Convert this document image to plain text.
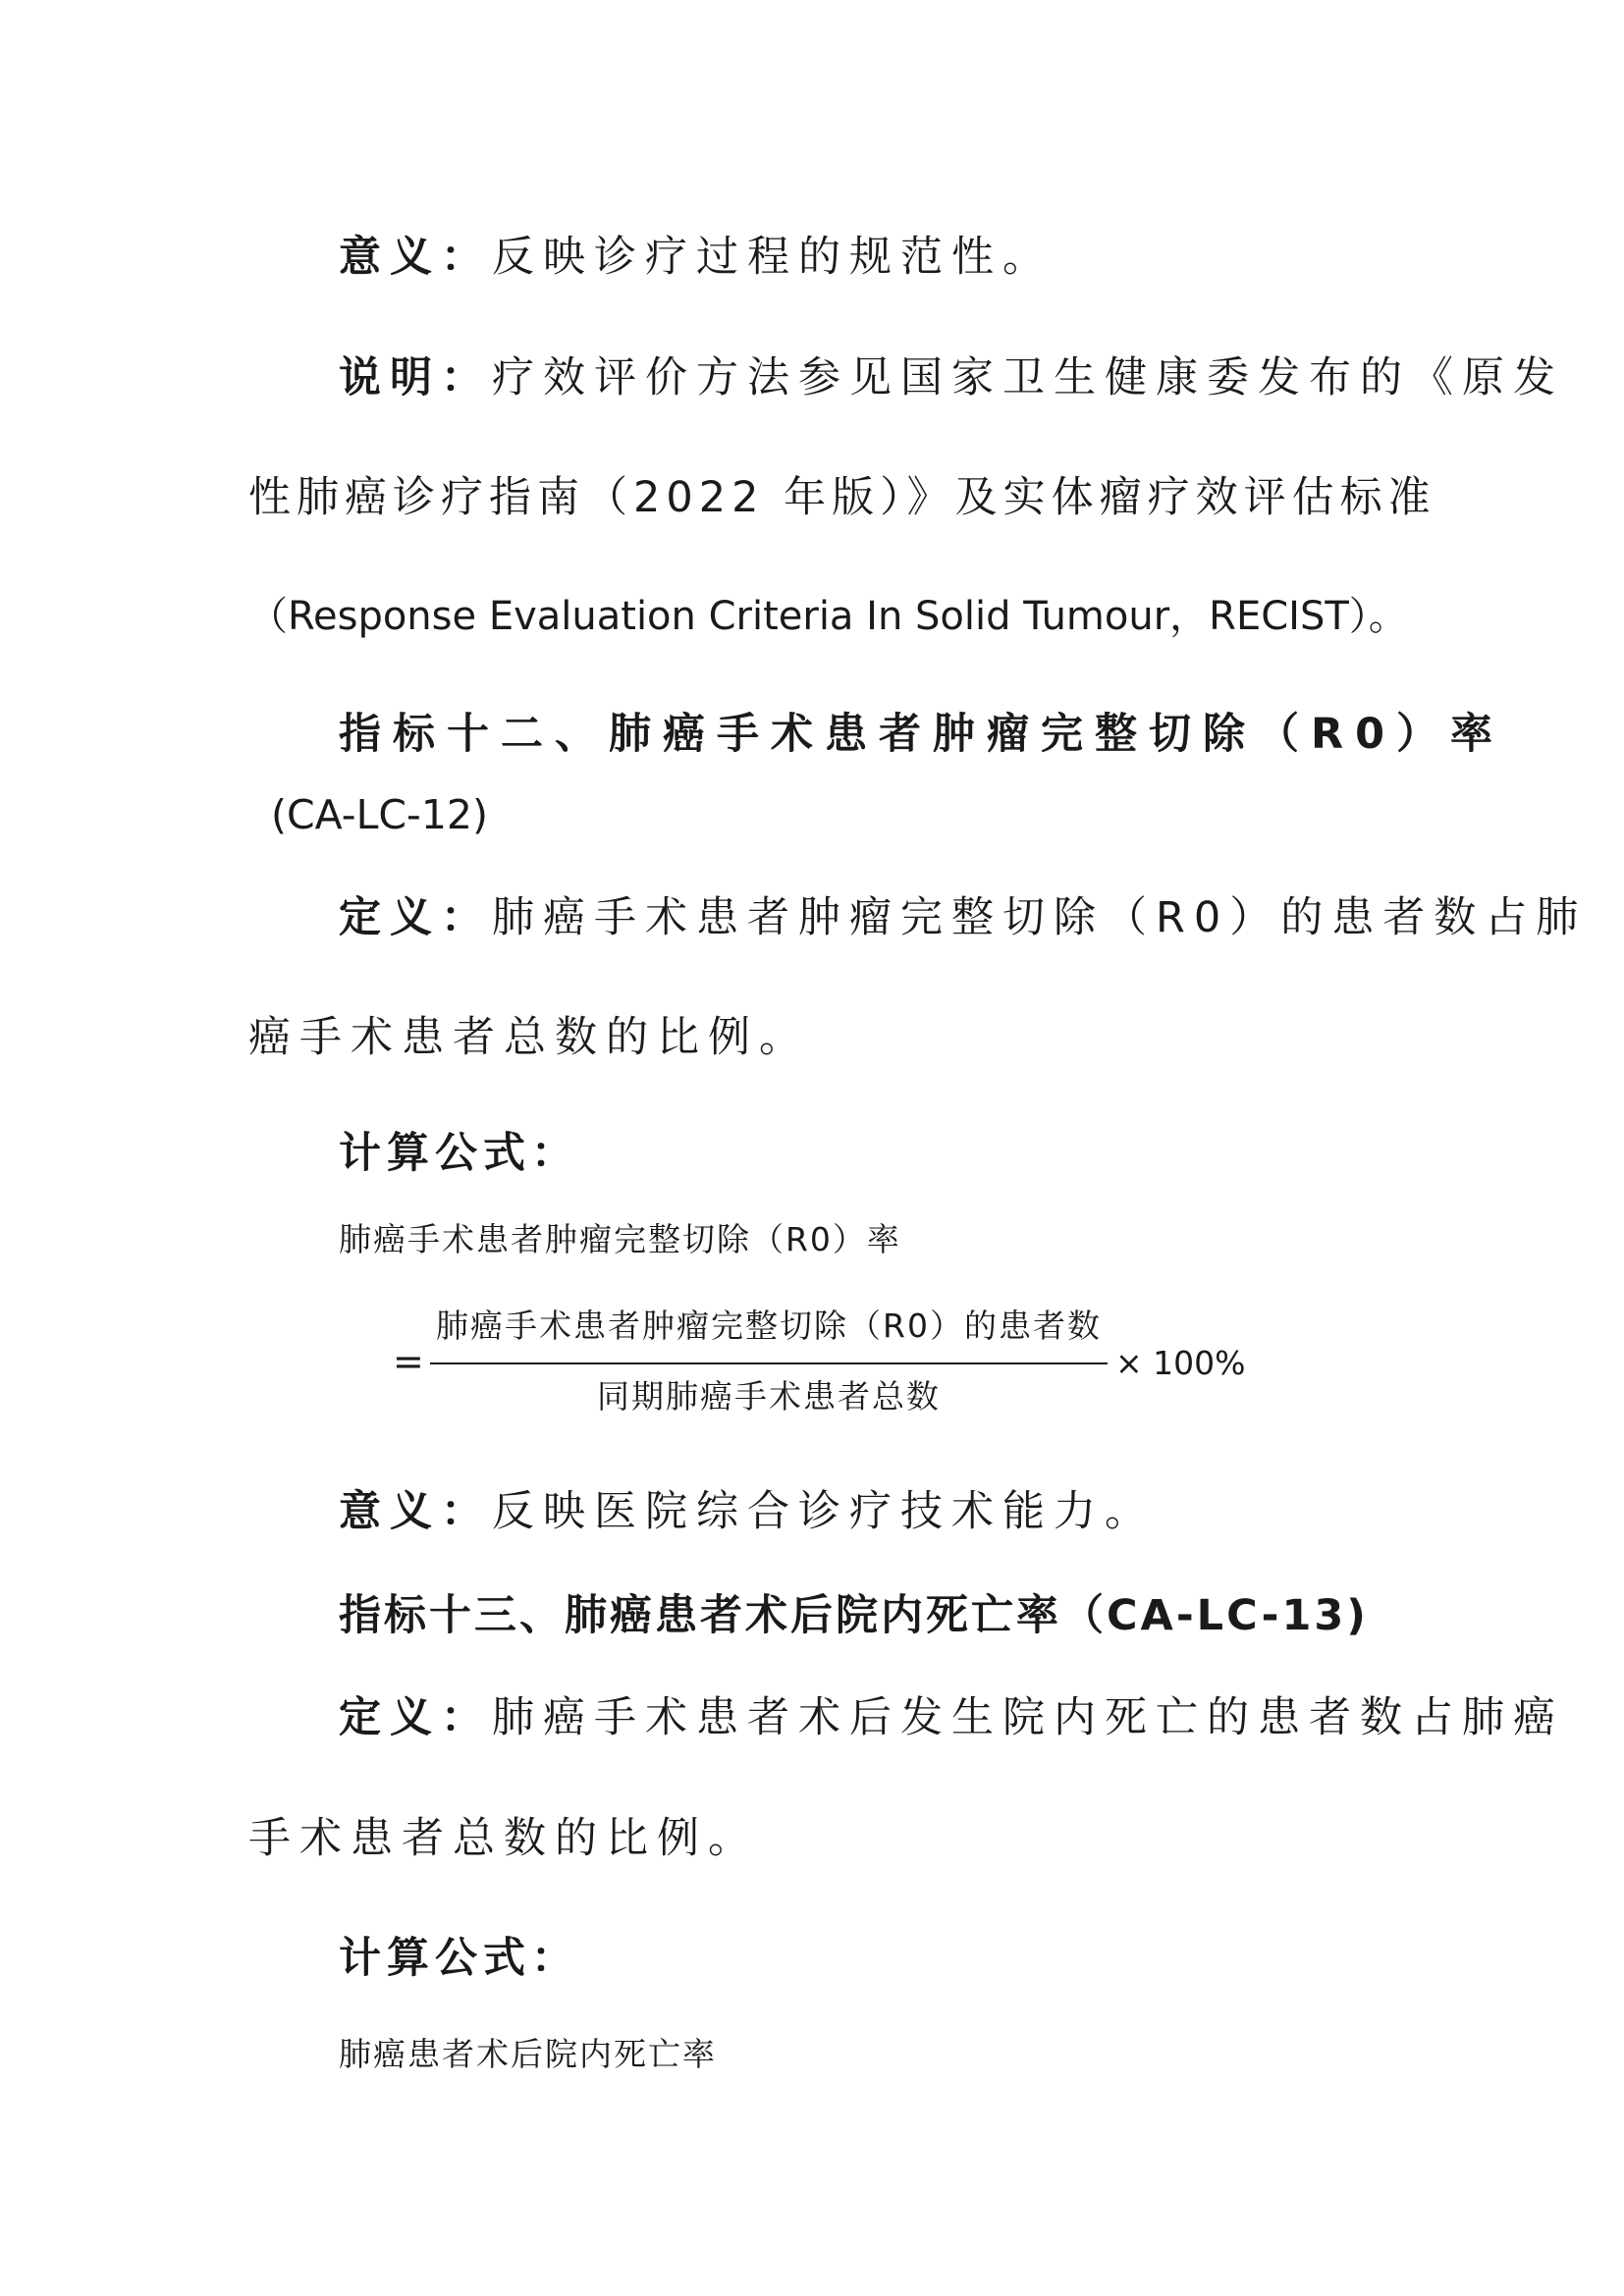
意义：反映诊疗过程的规范性。
说明：疗效评价方法参见国家卫生健康委发布的《原发
性肺癌诊疗指南（2022 年版）》及实体瘤疗效评估标准
（Response Evaluation Criteria In Solid Tumour，RECIST）。
指标十二、肺癌手术患者肿瘤完整切除（R0）率
(CA-LC-12)
定义：肺癌手术患者肿瘤完整切除（R0）的患者数占肺
癌手术患者总数的比例。
计算公式：
肺癌手术患者肿瘤完整切除（R0）率
=
肺癌手术患者肿瘤完整切除（R0）的患者数
同期肺癌手术患者总数
× 100%
意义：反映医院综合诊疗技术能力。
指标十三、肺癌患者术后院内死亡率（CA-LC-13)
定义：肺癌手术患者术后发生院内死亡的患者数占肺癌
手术患者总数的比例。
计算公式：
肺癌患者术后院内死亡率
